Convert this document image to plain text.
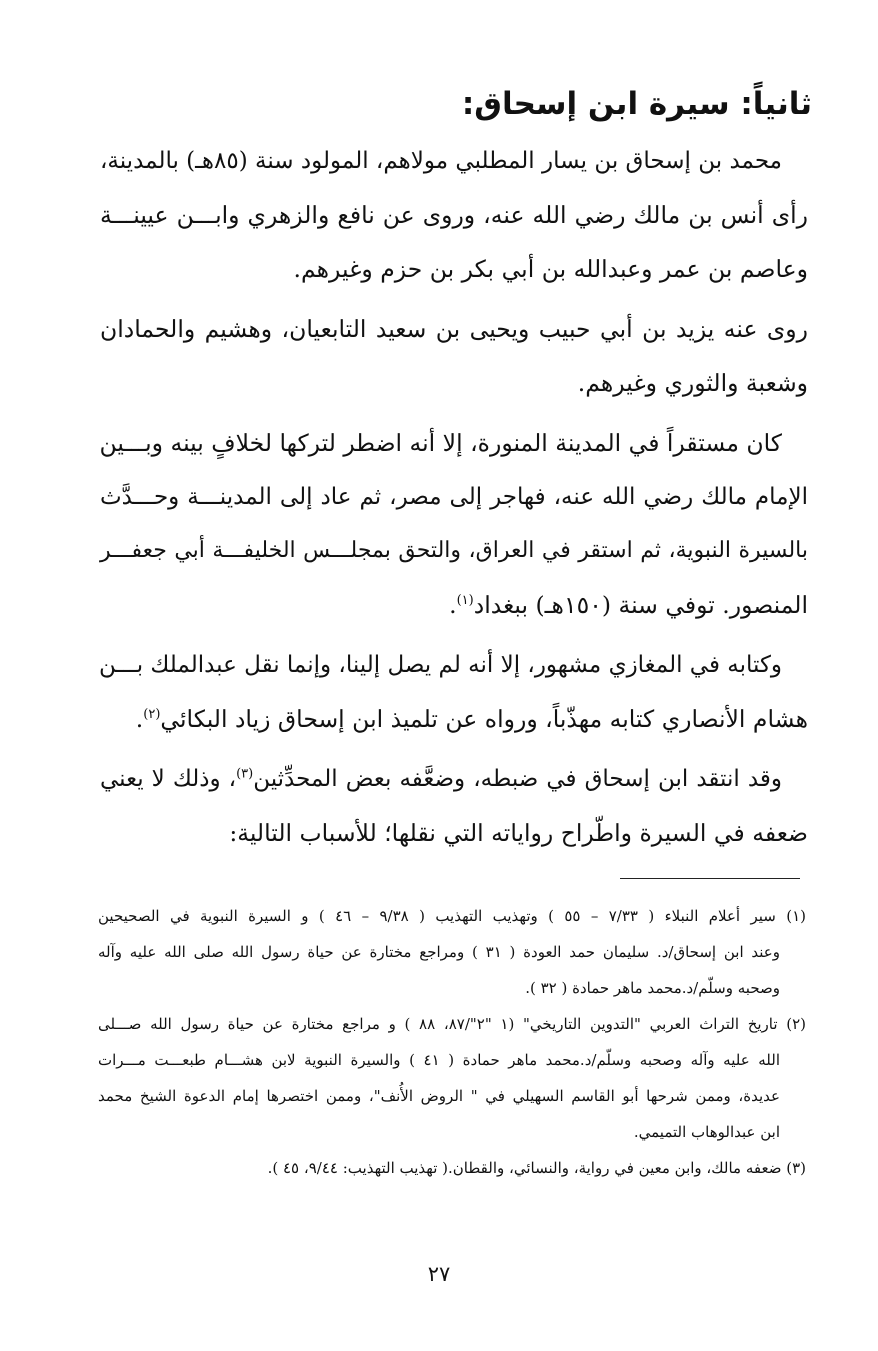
ثانياً: سيرة ابن إسحاق:
محمد بن إسحاق بن يسار المطلبي مولاهم، المولود سنة (٨٥هـ) بالمدينة،
رأى أنس بن مالك رضي الله عنه، وروى عن نافع والزهري وابـــن عيينـــة
وعاصم بن عمر وعبدالله بن أبي بكر بن حزم وغيرهم.
روى عنه يزيد بن أبي حبيب ويحيى بن سعيد التابعيان، وهشيم والحمادان
وشعبة والثوري وغيرهم.
كان مستقراً في المدينة المنورة، إلا أنه اضطر لتركها لخلافٍ بينه وبـــين
الإمام مالك رضي الله عنه، فهاجر إلى مصر، ثم عاد إلى المدينـــة وحـــدَّث
بالسيرة النبوية، ثم استقر في العراق، والتحق بمجلـــس الخليفـــة أبي جعفـــر
المنصور. توفي سنة (١٥٠هـ) ببغداد$^{(١)}$.
وكتابه في المغازي مشهور، إلا أنه لم يصل إلينا، وإنما نقل عبدالملك بـــن
هشام الأنصاري كتابه مهذّباً، ورواه عن تلميذ ابن إسحاق زياد البكائي$^{(٢)}$.
وقد انتقد ابن إسحاق في ضبطه، وضعَّفه بعض المحدِّثين$^{(٣)}$، وذلك لا يعني
ضعفه في السيرة واطّراح رواياته التي نقلها؛ للأسباب التالية:
(١) سير أعلام النبلاء ( ٧/٣٣ – ٥٥ ) وتهذيب التهذيب ( ٩/٣٨ – ٤٦ ) و السيرة النبوية في الصحيحين
وعند ابن إسحاق/د. سليمان حمد العودة ( ٣١ ) ومراجع مختارة عن حياة رسول الله صلى الله عليه وآله
وصحبه وسلّم/د.محمد ماهر حمادة ( ٣٢ ).
(٢) تاريخ التراث العربي "التدوين التاريخي" (١ "٢"/٨٧، ٨٨ ) و مراجع مختارة عن حياة رسول الله صـــلى
الله عليه وآله وصحبه وسلّم/د.محمد ماهر حمادة ( ٤١ ) والسيرة النبوية لابن هشـــام طبعـــت مـــرات
عديدة، وممن شرحها أبو القاسم السهيلي في " الروض الأُنف"، وممن اختصرها إمام الدعوة الشيخ محمد
ابن عبدالوهاب التميمي.
(٣) ضعفه مالك، وابن معين في رواية، والنسائي، والقطان.( تهذيب التهذيب: ٩/٤٤، ٤٥ ).
٢٧
